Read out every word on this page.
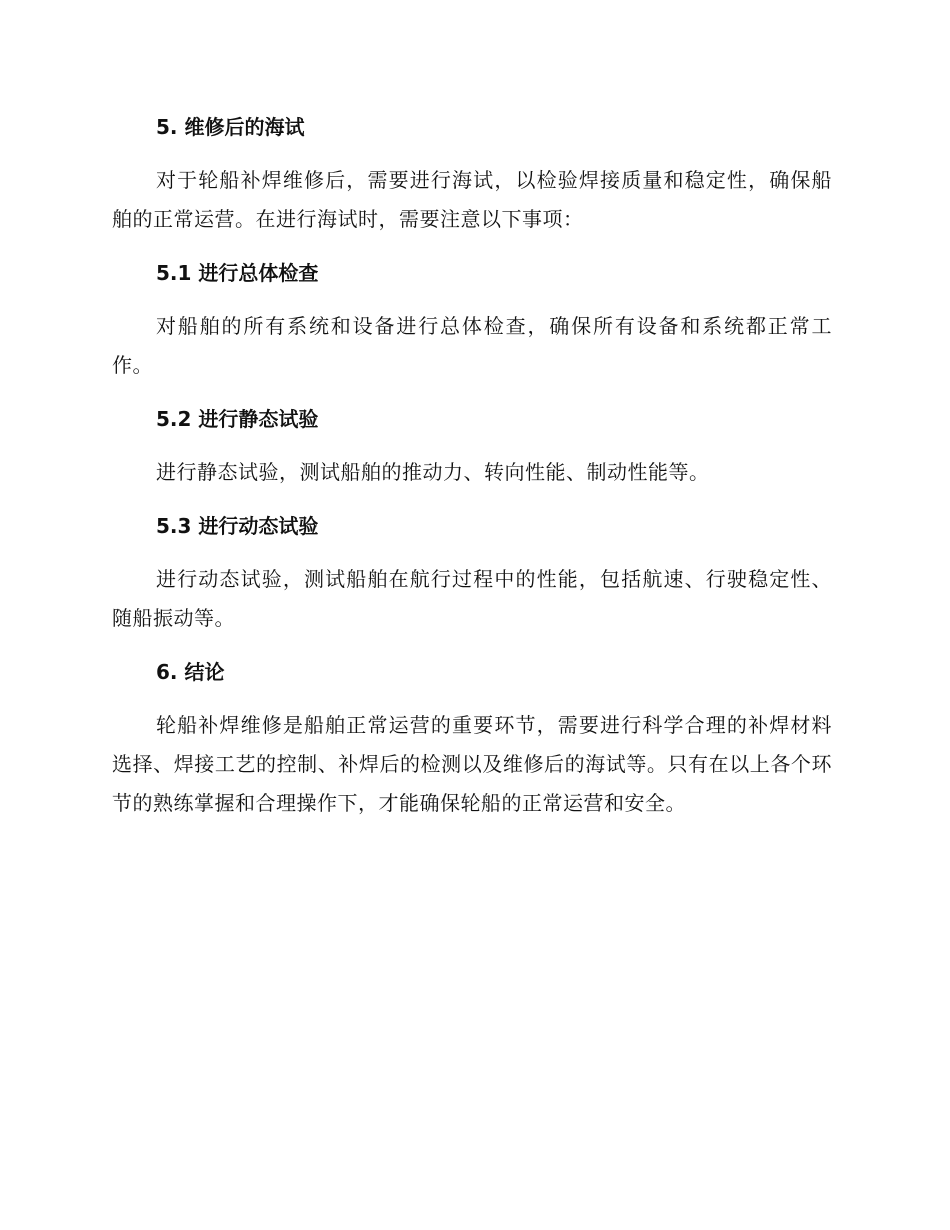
5. 维修后的海试

对于轮船补焊维修后，需要进行海试，以检验焊接质量和稳定性，确保船舶的正常运营。在进行海试时，需要注意以下事项：

5.1 进行总体检查

对船舶的所有系统和设备进行总体检查，确保所有设备和系统都正常工作。

5.2 进行静态试验

进行静态试验，测试船舶的推动力、转向性能、制动性能等。

5.3 进行动态试验

进行动态试验，测试船舶在航行过程中的性能，包括航速、行驶稳定性、随船振动等。

6. 结论

轮船补焊维修是船舶正常运营的重要环节，需要进行科学合理的补焊材料选择、焊接工艺的控制、补焊后的检测以及维修后的海试等。只有在以上各个环节的熟练掌握和合理操作下，才能确保轮船的正常运营和安全。
